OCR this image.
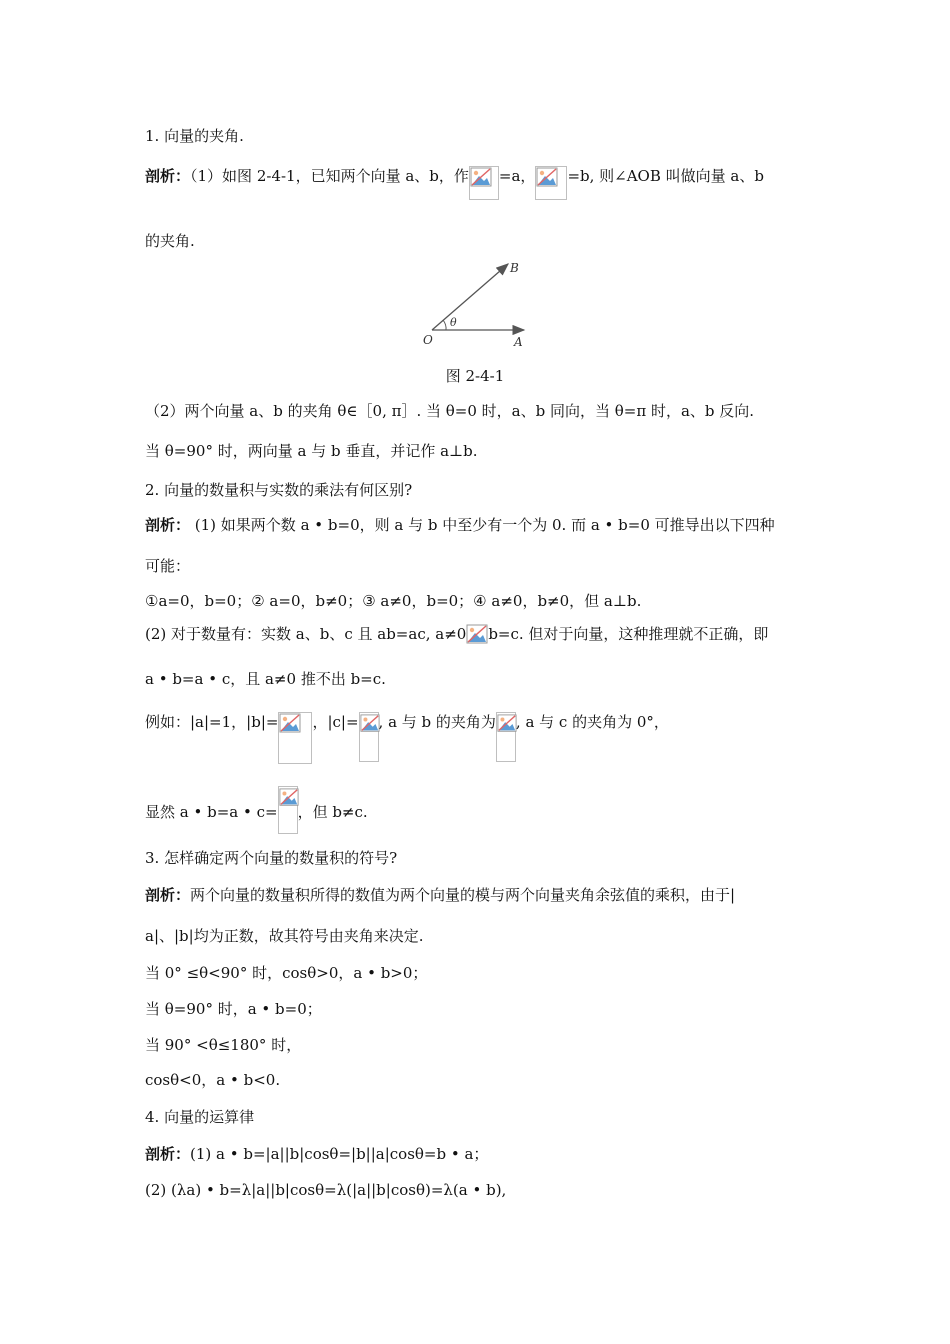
1. 向量的夹角.
剖析：（1）如图 2-4-1，已知两个向量 a、b，作 =a， =b, 则∠AOB 叫做向量 a、b
的夹角.
O	A
B
θ
图 2-4-1
（2）两个向量 a、b 的夹角 θ∈［0, π］. 当 θ=0 时，a、b 同向，当 θ=π 时，a、b 反向.
当 θ=90° 时，两向量 a 与 b 垂直，并记作 a⊥b.
2. 向量的数量积与实数的乘法有何区别?
剖析： (1) 如果两个数 a • b=0，则 a 与 b 中至少有一个为 0. 而 a • b=0 可推导出以下四种
可能：
①a=0，b=0；② a=0，b≠0；③ a≠0，b=0；④ a≠0，b≠0，但 a⊥b.
(2) 对于数量有：实数 a、b、c 且 ab=ac, a≠0 b=c. 但对于向量，这种推理就不正确，即
a • b=a • c，且 a≠0 推不出 b=c.
例如：|a|=1，|b|= ，|c|= , a 与 b 的夹角为 , a 与 c 的夹角为 0°，
显然 a • b=a • c= ，但 b≠c.
3. 怎样确定两个向量的数量积的符号?
剖析：两个向量的数量积所得的数值为两个向量的模与两个向量夹角余弦值的乘积，由于|
a|、|b|均为正数，故其符号由夹角来决定.
当 0° ≤θ<90° 时，cosθ>0，a • b>0；
当 θ=90° 时，a • b=0；
当 90° <θ≤180° 时，
cosθ<0，a • b<0.
4. 向量的运算律
剖析：(1) a • b=|a||b|cosθ=|b||a|cosθ=b • a；
(2) (λa) • b=λ|a||b|cosθ=λ(|a||b|cosθ)=λ(a • b),
